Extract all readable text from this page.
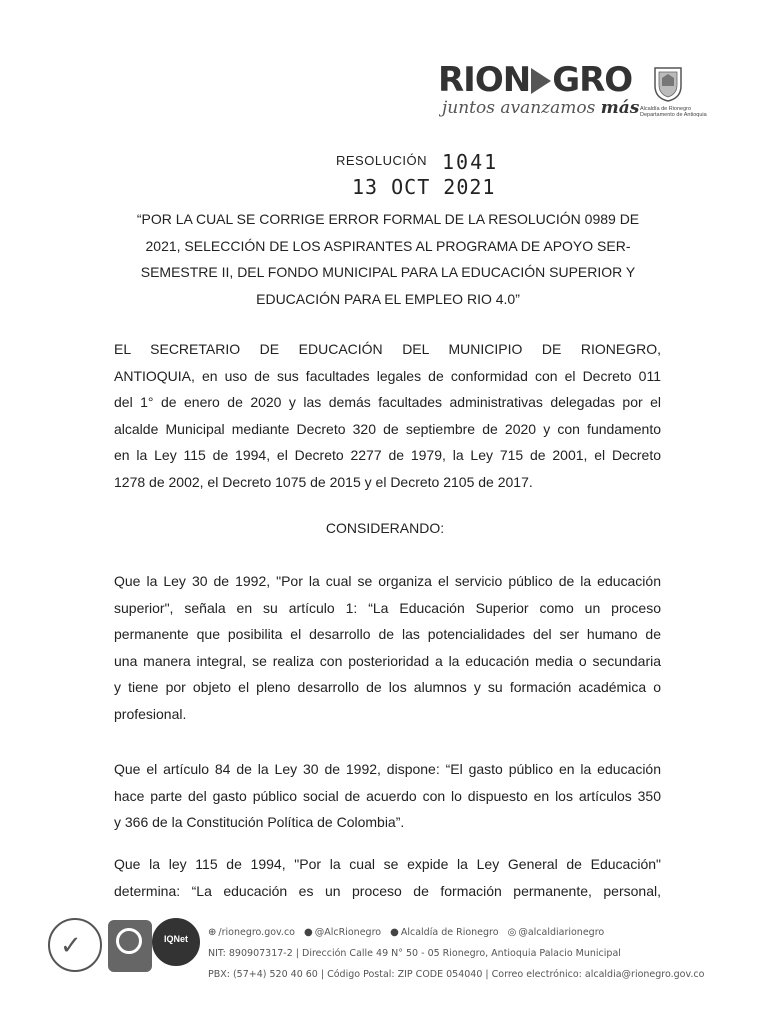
RION GRO
juntos avanzamos más Alcaldía de Rionegro
Departamento de Antioquia
RESOLUCIÓN 1041
13 OCT 2021
“POR LA CUAL SE CORRIGE ERROR FORMAL DE LA RESOLUCIÓN 0989 DE
2021, SELECCIÓN DE LOS ASPIRANTES AL PROGRAMA DE APOYO SER-
SEMESTRE II, DEL FONDO MUNICIPAL PARA LA EDUCACIÓN SUPERIOR Y
EDUCACIÓN PARA EL EMPLEO RIO 4.0”
EL SECRETARIO DE EDUCACIÓN DEL MUNICIPIO DE RIONEGRO,
ANTIOQUIA, en uso de sus facultades legales de conformidad con el Decreto 011
del 1° de enero de 2020 y las demás facultades administrativas delegadas por el
alcalde Municipal mediante Decreto 320 de septiembre de 2020 y con fundamento
en la Ley 115 de 1994, el Decreto 2277 de 1979, la Ley 715 de 2001, el Decreto
1278 de 2002, el Decreto 1075 de 2015 y el Decreto 2105 de 2017.
CONSIDERANDO:
Que la Ley 30 de 1992, "Por la cual se organiza el servicio público de la educación
superior", señala en su artículo 1: “La Educación Superior como un proceso
permanente que posibilita el desarrollo de las potencialidades del ser humano de
una manera integral, se realiza con posterioridad a la educación media o secundaria
y tiene por objeto el pleno desarrollo de los alumnos y su formación académica o
profesional.
Que el artículo 84 de la Ley 30 de 1992, dispone: “El gasto público en la educación
hace parte del gasto público social de acuerdo con lo dispuesto en los artículos 350
y 366 de la Constitución Política de Colombia”.
Que la ley 115 de 1994, "Por la cual se expide la Ley General de Educación"
determina: “La educación es un proceso de formación permanente, personal,
✓	IQNet
⊕ /rionegro.gov.co ● @AlcRionegro ● Alcaldía de Rionegro ◎ @alcaldiarionegro
NIT: 890907317-2 | Dirección Calle 49 N° 50 - 05 Rionegro, Antioquia Palacio Municipal
PBX: (57+4) 520 40 60 | Código Postal: ZIP CODE 054040 | Correo electrónico: alcaldia@rionegro.gov.co
